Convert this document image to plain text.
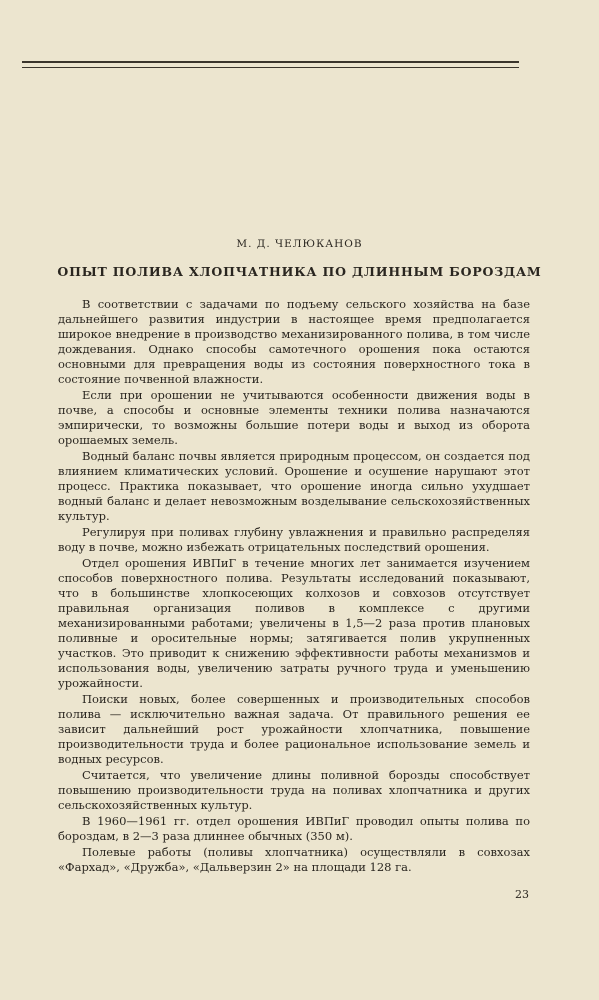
М. Д. ЧЕЛЮКАНОВ
ОПЫТ ПОЛИВА ХЛОПЧАТНИКА ПО ДЛИННЫМ БОРОЗДАМ

В соответствии с задачами по подъему сельского хозяйства на базе дальнейшего развития индустрии в настоящее время предполагается широкое внедрение в производство механизированного полива, в том числе дождевания. Однако способы самотечного орошения пока остаются основными для превращения воды из состояния поверхностного тока в состояние почвенной влажности.

Если при орошении не учитываются особенности движения воды в почве, а способы и основные элементы техники полива назначаются эмпирически, то возможны большие потери воды и выход из оборота орошаемых земель.

Водный баланс почвы является природным процессом, он создается под влиянием климатических условий. Орошение и осушение нарушают этот процесс. Практика показывает, что орошение иногда сильно ухудшает водный баланс и делает невозможным возделывание сельскохозяйственных культур.

Регулируя при поливах глубину увлажнения и правильно распределяя воду в почве, можно избежать отрицательных последствий орошения.

Отдел орошения ИВПиГ в течение многих лет занимается изучением способов поверхностного полива. Результаты исследований показывают, что в большинстве хлопкосеющих колхозов и совхозов отсутствует правильная организация поливов в комплексе с другими механизированными работами; увеличены в 1,5—2 раза против плановых поливные и оросительные нормы; затягивается полив укрупненных участков. Это приводит к снижению эффективности работы механизмов и использования воды, увеличению затраты ручного труда и уменьшению урожайности.

Поиски новых, более совершенных и производительных способов полива — исключительно важная задача. От правильного решения ее зависит дальнейший рост урожайности хлопчатника, повышение производительности труда и более рациональное использование земель и водных ресурсов.

Считается, что увеличение длины поливной борозды способствует повышению производительности труда на поливах хлопчатника и других сельскохозяйственных культур.

В 1960—1961 гг. отдел орошения ИВПиГ проводил опыты полива по бороздам, в 2—3 раза длиннее обычных (350 м).

Полевые работы (поливы хлопчатника) осуществляли в совхозах «Фархад», «Дружба», «Дальверзин 2» на площади 128 га.

23
